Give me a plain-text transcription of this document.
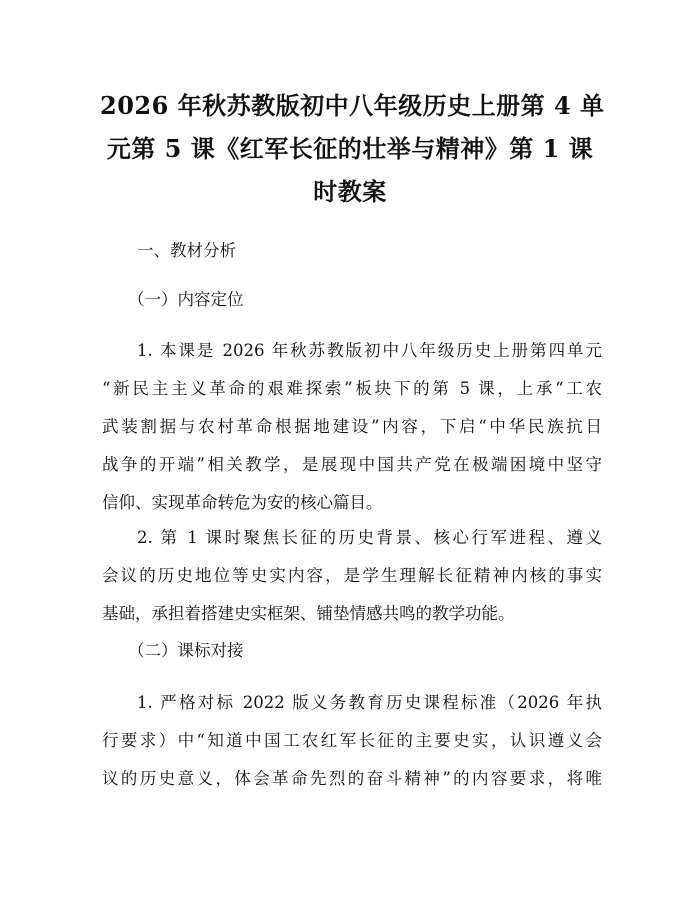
2026 年秋苏教版初中八年级历史上册第 4 单
元第 5 课《红军长征的壮举与精神》第 1 课
时教案

一、教材分析

（一）内容定位

1. 本课是 2026 年秋苏教版初中八年级历史上册第四单元
“新民主主义革命的艰难探索”板块下的第 5 课，上承“工农
武装割据与农村革命根据地建设”内容，下启“中华民族抗日
战争的开端”相关教学，是展现中国共产党在极端困境中坚守
信仰、实现革命转危为安的核心篇目。
2. 第 1 课时聚焦长征的历史背景、核心行军进程、遵义
会议的历史地位等史实内容，是学生理解长征精神内核的事实
基础，承担着搭建史实框架、铺垫情感共鸣的教学功能。

（二）课标对接

1. 严格对标 2022 版义务教育历史课程标准（2026 年执
行要求）中“知道中国工农红军长征的主要史实，认识遵义会
议的历史意义，体会革命先烈的奋斗精神”的内容要求，将唯
